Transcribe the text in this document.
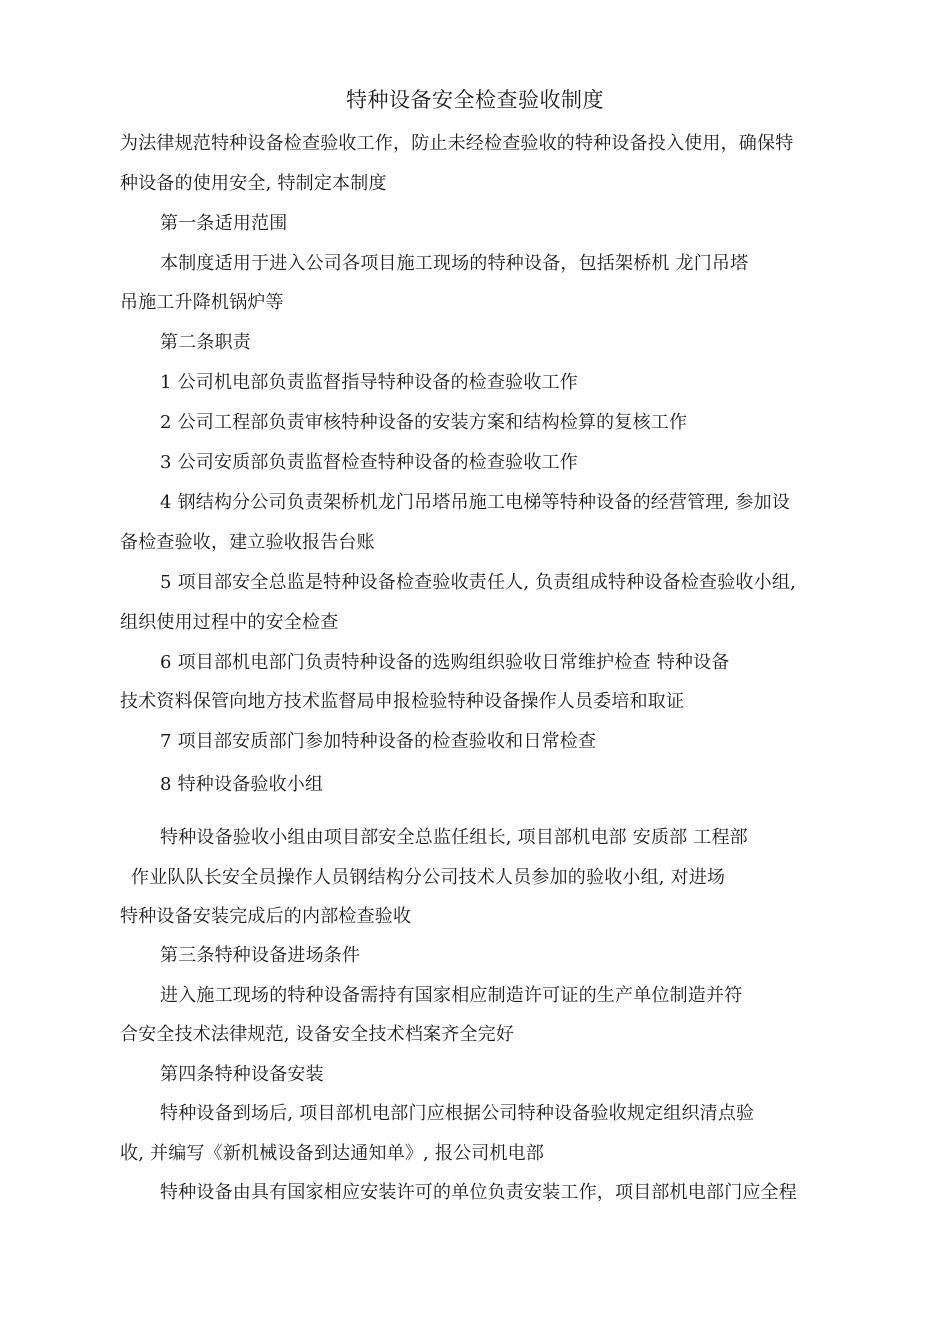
特种设备安全检查验收制度
为法律规范特种设备检查验收工作，防止未经检查验收的特种设备投入使用，确保特
种设备的使用安全, 特制定本制度
第一条适用范围
本制度适用于进入公司各项目施工现场的特种设备，包括架桥机 龙门吊塔
吊施工升降机锅炉等
第二条职责
1 公司机电部负责监督指导特种设备的检查验收工作
2 公司工程部负责审核特种设备的安装方案和结构检算的复核工作
3 公司安质部负责监督检查特种设备的检查验收工作
4 钢结构分公司负责架桥机龙门吊塔吊施工电梯等特种设备的经营管理, 参加设
备检查验收，建立验收报告台账
5 项目部安全总监是特种设备检查验收责任人, 负责组成特种设备检查验收小组,
组织使用过程中的安全检查
6 项目部机电部门负责特种设备的选购组织验收日常维护检查 特种设备
技术资料保管向地方技术监督局申报检验特种设备操作人员委培和取证
7 项目部安质部门参加特种设备的检查验收和日常检查
8 特种设备验收小组
特种设备验收小组由项目部安全总监任组长, 项目部机电部 安质部 工程部
作业队队长安全员操作人员钢结构分公司技术人员参加的验收小组, 对进场
特种设备安装完成后的内部检查验收
第三条特种设备进场条件
进入施工现场的特种设备需持有国家相应制造许可证的生产单位制造并符
合安全技术法律规范, 设备安全技术档案齐全完好
第四条特种设备安装
特种设备到场后, 项目部机电部门应根据公司特种设备验收规定组织清点验
收, 并编写《新机械设备到达通知单》, 报公司机电部
特种设备由具有国家相应安装许可的单位负责安装工作，项目部机电部门应全程
